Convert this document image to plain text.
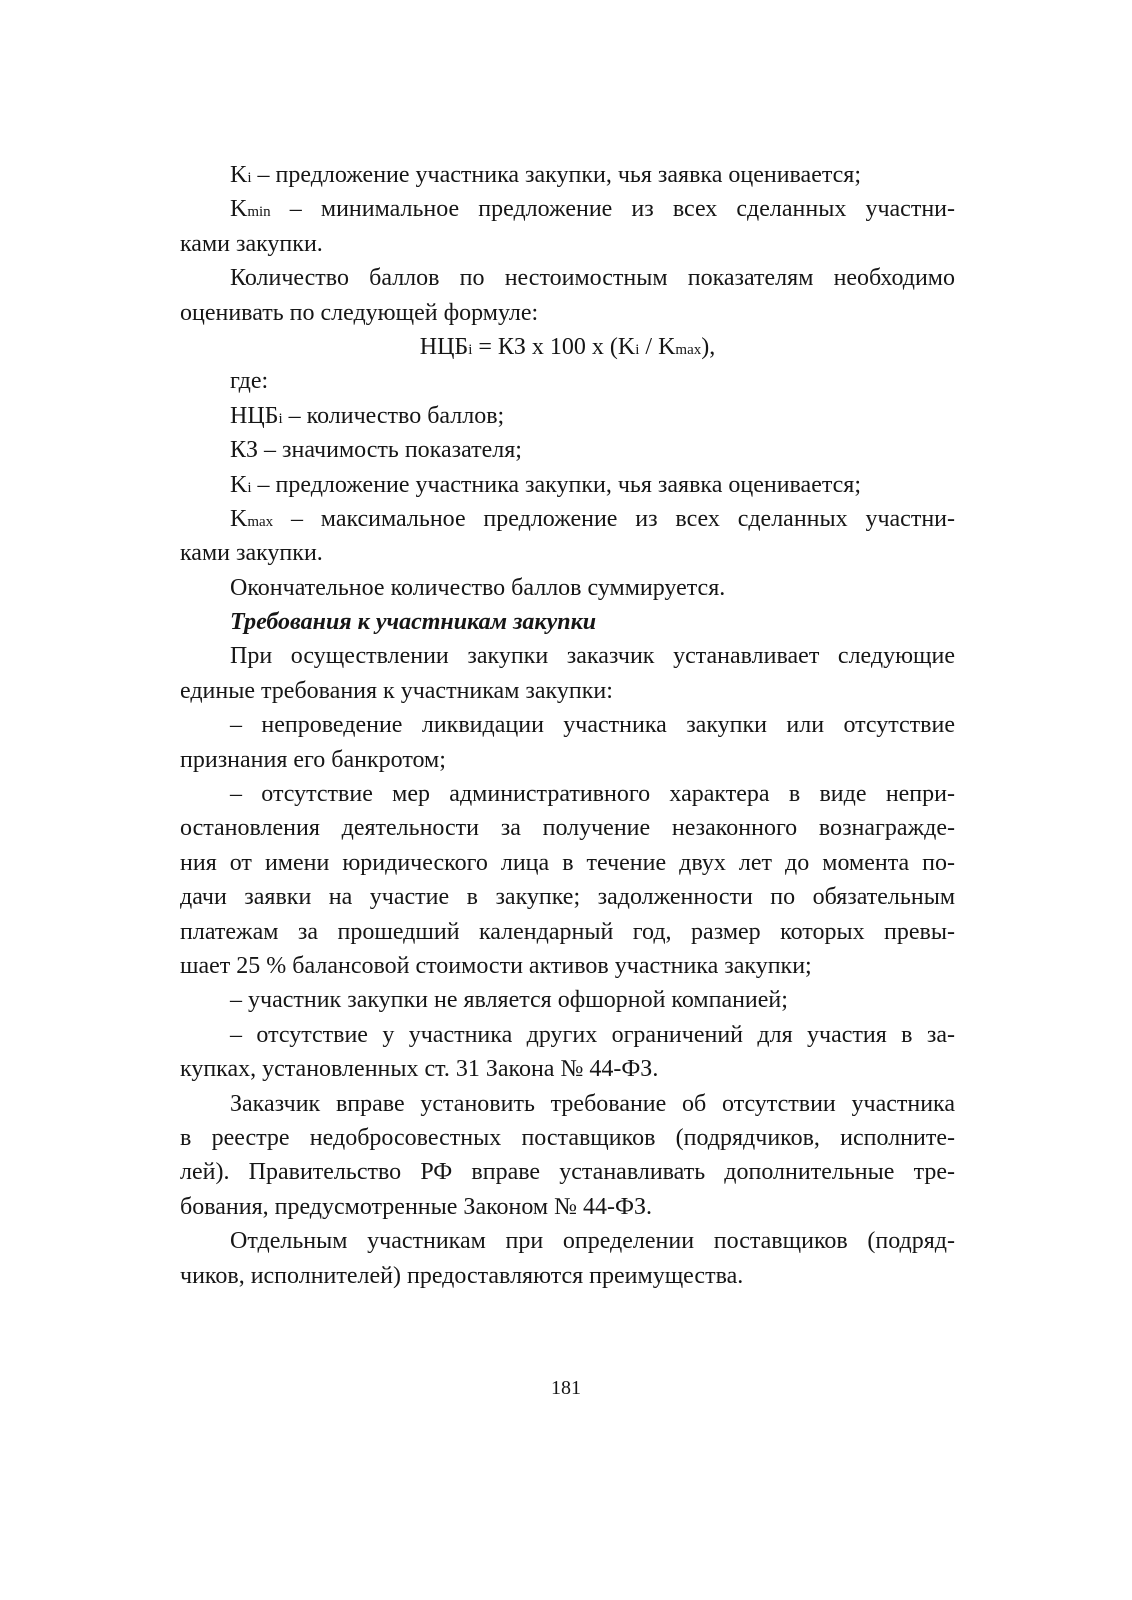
Ki – предложение участника закупки, чья заявка оценивается;
Kmin – минимальное предложение из всех сделанных участни-
ками закупки.
Количество баллов по нестоимостным показателям необходимо
оценивать по следующей формуле:
НЦБi = КЗ х 100 х (Ki / Kmax),
где:
НЦБi – количество баллов;
КЗ – значимость показателя;
Ki – предложение участника закупки, чья заявка оценивается;
Kmax – максимальное предложение из всех сделанных участни-
ками закупки.
Окончательное количество баллов суммируется.
Требования к участникам закупки
При осуществлении закупки заказчик устанавливает следующие
единые требования к участникам закупки:
– непроведение ликвидации участника закупки или отсутствие
признания его банкротом;
– отсутствие мер административного характера в виде непри-
остановления деятельности за получение незаконного вознагражде-
ния от имени юридического лица в течение двух лет до момента по-
дачи заявки на участие в закупке; задолженности по обязательным
платежам за прошедший календарный год, размер которых превы-
шает 25 % балансовой стоимости активов участника закупки;
– участник закупки не является офшорной компанией;
– отсутствие у участника других ограничений для участия в за-
купках, установленных ст. 31 Закона № 44-ФЗ.
Заказчик вправе установить требование об отсутствии участника
в реестре недобросовестных поставщиков (подрядчиков, исполните-
лей). Правительство РФ вправе устанавливать дополнительные тре-
бования, предусмотренные Законом № 44-ФЗ.
Отдельным участникам при определении поставщиков (подряд-
чиков, исполнителей) предоставляются преимущества.
181
